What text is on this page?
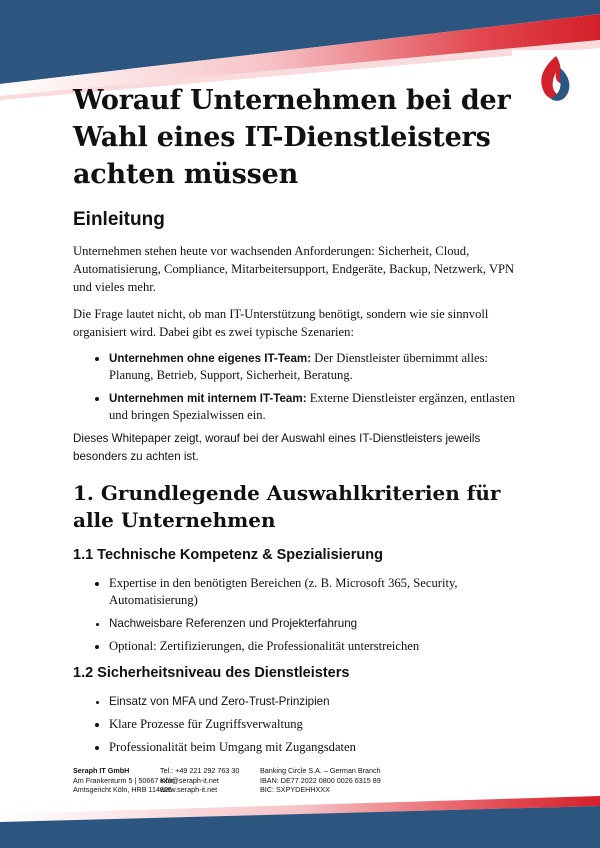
Worauf Unternehmen bei der Wahl eines IT-Dienstleisters achten müssen
Einleitung

Unternehmen stehen heute vor wachsenden Anforderungen: Sicherheit, Cloud, Automatisierung, Compliance, Mitarbeitersupport, Endgeräte, Backup, Netzwerk, VPN und vieles mehr.

Die Frage lautet nicht, ob man IT-Unterstützung benötigt, sondern wie sie sinnvoll organisiert wird. Dabei gibt es zwei typische Szenarien:

• Unternehmen ohne eigenes IT-Team: Der Dienstleister übernimmt alles: Planung, Betrieb, Support, Sicherheit, Beratung.
• Unternehmen mit internem IT-Team: Externe Dienstleister ergänzen, entlasten und bringen Spezialwissen ein.

Dieses Whitepaper zeigt, worauf bei der Auswahl eines IT-Dienstleisters jeweils besonders zu achten ist.

1. Grundlegende Auswahlkriterien für alle Unternehmen
1.1 Technische Kompetenz & Spezialisierung
• Expertise in den benötigten Bereichen (z. B. Microsoft 365, Security, Automatisierung)
• Nachweisbare Referenzen und Projekterfahrung
• Optional: Zertifizierungen, die Professionalität unterstreichen
1.2 Sicherheitsniveau des Dienstleisters
• Einsatz von MFA und Zero-Trust-Prinzipien
• Klare Prozesse für Zugriffsverwaltung
• Professionalität beim Umgang mit Zugangsdaten
Seraph IT GmbH
Am Frankenturm 5 | 50667 Köln
Amtsgericht Köln, HRB 114825
Tel.: +49 221 292 763 30
info@seraph-it.net
www.seraph-it.net
Banking Circle S.A. – German Branch
IBAN: DE77 2022 0800 0026 6315 89
BIC: SXPYDEHHXXX
